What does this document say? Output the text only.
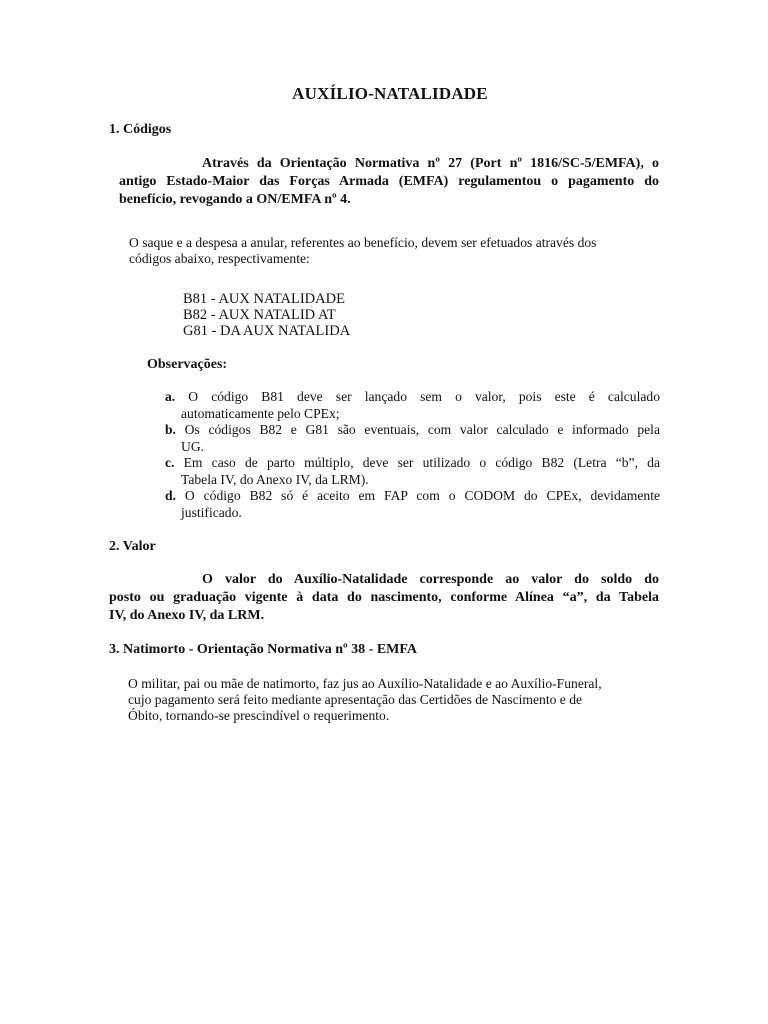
AUXÍLIO-NATALIDADE
1. Códigos
Através da Orientação Normativa nº 27 (Port nº 1816/SC-5/EMFA), o
antigo Estado-Maior das Forças Armada (EMFA) regulamentou o pagamento do
benefício, revogando a ON/EMFA nº 4.
O saque e a despesa a anular, referentes ao benefício, devem ser efetuados através dos
códigos abaixo, respectivamente:
B81 - AUX NATALIDADE
B82 - AUX NATALID AT
G81 - DA AUX NATALIDA
Observações:
a. O código B81 deve ser lançado sem o valor, pois este é calculado
automaticamente pelo CPEx;
b. Os códigos B82 e G81 são eventuais, com valor calculado e informado pela
UG.
c. Em caso de parto múltiplo, deve ser utilizado o código B82 (Letra “b”, da
Tabela IV, do Anexo IV, da LRM).
d. O código B82 só é aceito em FAP com o CODOM do CPEx, devidamente
justificado.
2. Valor
O valor do Auxílio-Natalidade corresponde ao valor do soldo do
posto ou graduação vigente à data do nascimento, conforme Alínea “a”, da Tabela
IV, do Anexo IV, da LRM.
3. Natimorto - Orientação Normativa nº 38 - EMFA
O militar, pai ou mãe de natimorto, faz jus ao Auxílio-Natalidade e ao Auxílio-Funeral,
cujo pagamento será feito mediante apresentação das Certidões de Nascimento e de
Óbito, tornando-se prescindível o requerimento.
